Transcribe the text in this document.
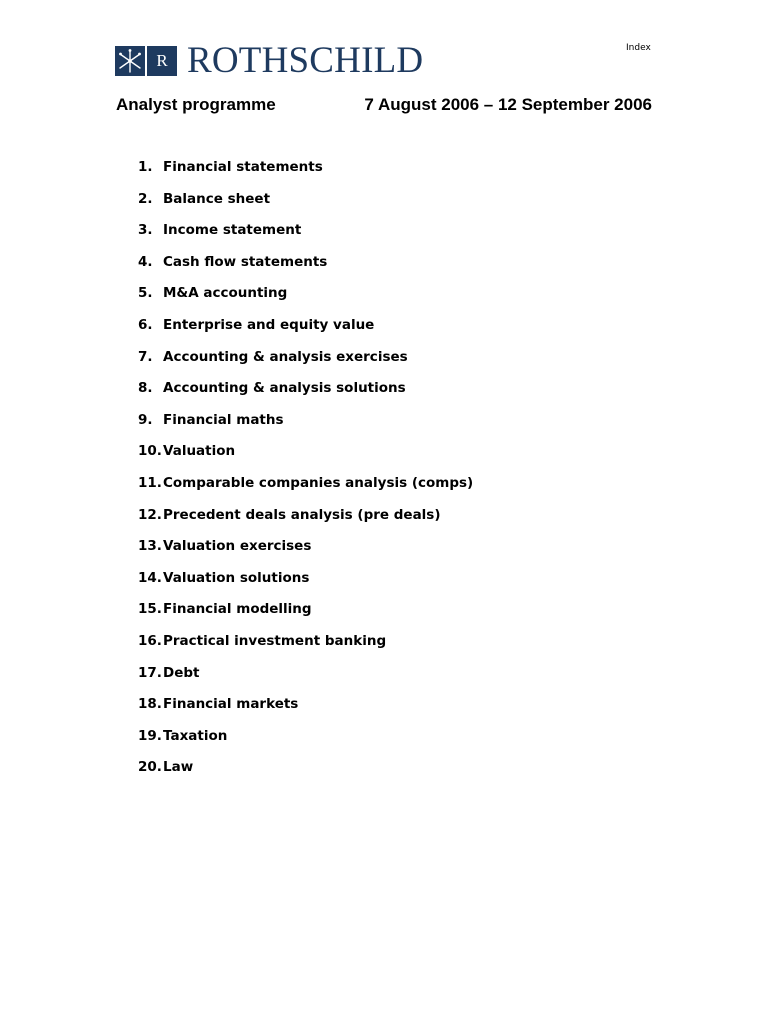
R ROTHSCHILD	Index
Analyst programme	7 August 2006 – 12 September 2006
1. Financial statements
2. Balance sheet
3. Income statement
4. Cash flow statements
5. M&A accounting
6. Enterprise and equity value
7. Accounting & analysis exercises
8. Accounting & analysis solutions
9. Financial maths
10. Valuation
11. Comparable companies analysis (comps)
12. Precedent deals analysis (pre deals)
13. Valuation exercises
14. Valuation solutions
15. Financial modelling
16. Practical investment banking
17. Debt
18. Financial markets
19. Taxation
20. Law
